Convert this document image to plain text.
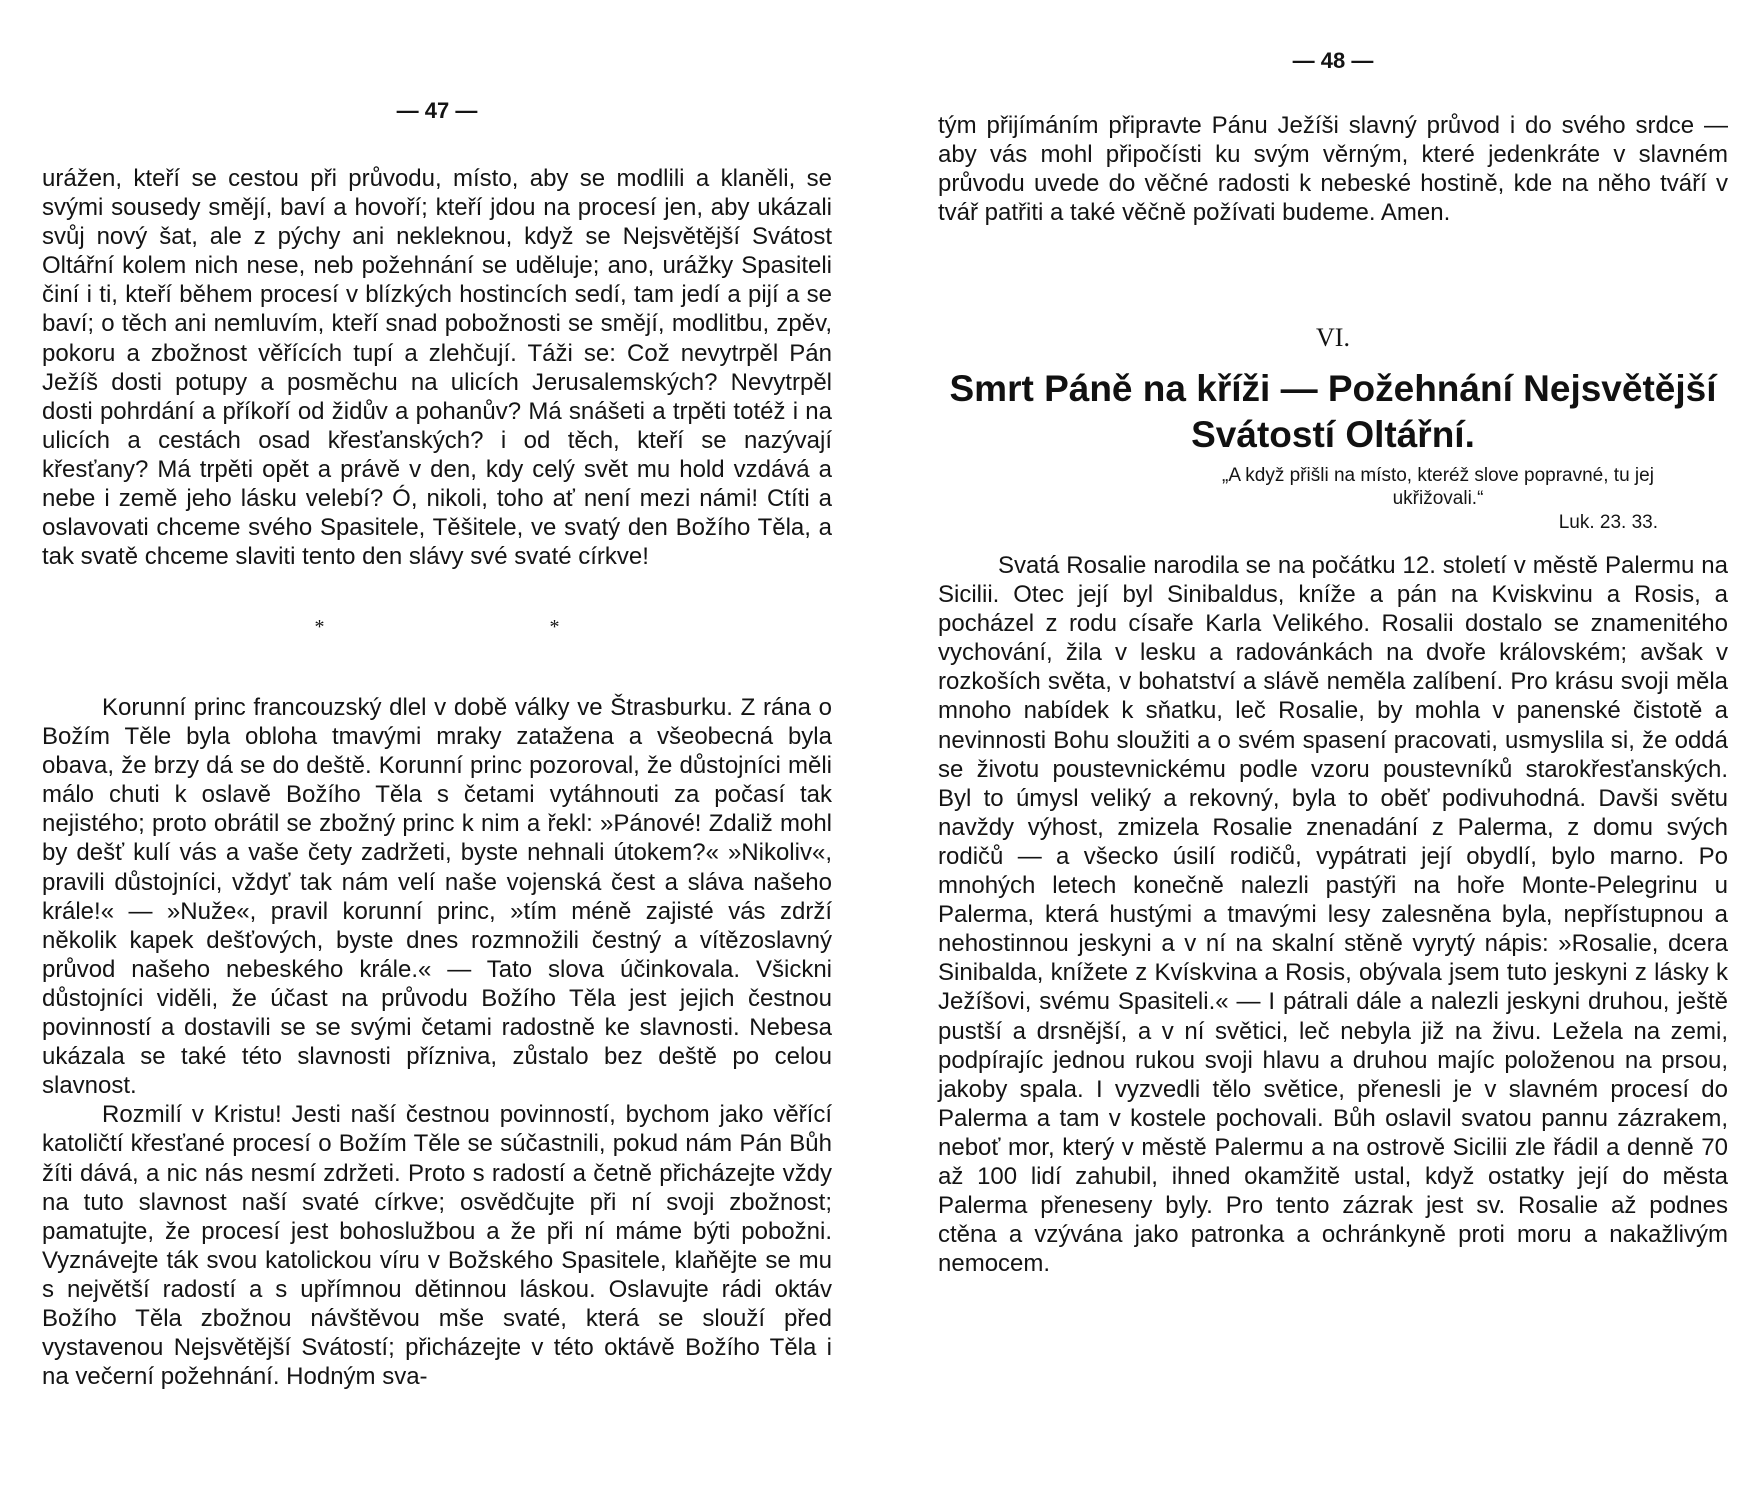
— 47 —

urážen, kteří se cestou při průvodu, místo, aby se modlili a klaněli, se svými sousedy smějí, baví a hovoří; kteří jdou na procesí jen, aby ukázali svůj nový šat, ale z pýchy ani nekleknou, když se Nejsvětější Svátost Oltářní kolem nich nese, neb požehnání se uděluje; ano, urážky Spasiteli činí i ti, kteří během procesí v blízkých hostincích sedí, tam jedí a pijí a se baví; o těch ani nemluvím, kteří snad pobožnosti se smějí, modlitbu, zpěv, pokoru a zbožnost věřících tupí a zlehčují. Táži se: Což nevytrpěl Pán Ježíš dosti potupy a posměchu na ulicích Jerusalemských? Nevytrpěl dosti pohrdání a příkoří od židův a pohanův? Má snášeti a trpěti totéž i na ulicích a cestách osad křesťanských? i od těch, kteří se nazývají křesťany? Má trpěti opět a právě v den, kdy celý svět mu hold vzdává a nebe i země jeho lásku velebí? Ó, nikoli, toho ať není mezi námi! Ctíti a oslavovati chceme svého Spasitele, Těšitele, ve svatý den Božího Těla, a tak svatě chceme slaviti tento den slávy své svaté církve!

* *

Korunní princ francouzský dlel v době války ve Štrasburku. Z rána o Božím Těle byla obloha tmavými mraky zatažena a všeobecná byla obava, že brzy dá se do deště. Korunní princ pozoroval, že důstojníci měli málo chuti k oslavě Božího Těla s četami vytáhnouti za počasí tak nejistého; proto obrátil se zbožný princ k nim a řekl: »Pánové! Zdaliž mohl by dešť kulí vás a vaše čety zadržeti, byste nehnali útokem?« »Nikoliv«, pravili důstojníci, vždyť tak nám velí naše vojenská čest a sláva našeho krále!« — »Nuže«, pravil korunní princ, »tím méně zajisté vás zdrží několik kapek dešťových, byste dnes rozmnožili čestný a vítězoslavný průvod našeho nebeského krále.« — Tato slova účinkovala. Všickni důstojníci viděli, že účast na průvodu Božího Těla jest jejich čestnou povinností a dostavili se se svými četami radostně ke slavnosti. Nebesa ukázala se také této slavnosti příznivа, zůstalo bez deště po celou slavnost.

Rozmilí v Kristu! Jesti naší čestnou povinností, bychom jako věřící katoličtí křesťané procesí o Božím Těle se súčastnili, pokud nám Pán Bůh žíti dává, a nic nás nesmí zdržeti. Proto s radostí a četně přicházejte vždy na tuto slavnost naší svaté církve; osvědčujte při ní svoji zbožnost; pamatujte, že procesí jest bohoslužbou a že při ní máme býti pobožni. Vyznávejte ták svou katolickou víru v Božského Spasitele, klaňějte se mu s největší radostí a s upřímnou dětinnou láskou. Oslavujte rádi oktáv Božího Těla zbožnou návštěvou mše svaté, která se slouží před vystavenou Nejsvětější Svátostí; přicházejte v této oktávě Božího Těla i na večerní požehnání. Hodným sva-

— 48 —

tým přijímáním připravte Pánu Ježíši slavný průvod i do svého srdce — aby vás mohl připočísti ku svým věrným, které jedenkráte v slavném průvodu uvede do věčné radosti k nebeské hostině, kde na něho tváří v tvář patřiti a také věčně požívati budeme. Amen.

VI.
Smrt Páně na kříži — Požehnání Nejsvětější
Svátostí Oltářní.
„A když přišli na místo, kteréž slove popravné, tu jej ukřižovali.“
Luk. 23. 33.

Svatá Rosalie narodila se na počátku 12. století v městě Palermu na Sicilii. Otec její byl Sinibaldus, kníže a pán na Kviskvinu a Rosis, a pocházel z rodu císaře Karla Velikého. Rosalii dostalo se znamenitého vychování, žila v lesku a radovánkách na dvoře královském; avšak v rozkoších světa, v bohatství a slávě neměla zalíbení. Pro krásu svoji měla mnoho nabídek k sňatku, leč Rosalie, by mohla v panenské čistotě a nevinnosti Bohu sloužiti a o svém spasení pracovati, usmyslila si, že oddá se životu poustevnickému podle vzoru poustevníků starokřesťanských. Byl to úmysl veliký a rekovný, byla to oběť podivuhodná. Davši světu navždy výhost, zmizela Rosalie znenadání z Palerma, z domu svých rodičů — a všecko úsilí rodičů, vypátrati její obydlí, bylo marno. Po mnohých letech konečně nalezli pastýři na hoře Monte-Pelegrinu u Palerma, která hustými a tmavými lesy zalesněna byla, nepřístupnou a nehostinnou jeskyni a v ní na skalní stěně vyrytý nápis: »Rosalie, dcera Sinibalda, knížete z Kvískvina a Rosis, obývala jsem tuto jeskyni z lásky k Ježíšovi, svému Spasiteli.« — I pátrali dále a nalezli jeskyni druhou, ještě pustší a drsnější, a v ní světici, leč nebyla již na živu. Ležela na zemi, podpírajíc jednou rukou svoji hlavu a druhou majíc položenou na prsou, jakoby spala. I vyzvedli tělo světice, přenesli je v slavném procesí do Palerma a tam v kostele pochovali. Bůh oslavil svatou pannu zázrakem, neboť mor, který v městě Palermu a na ostrově Sicilii zle řádil a denně 70 až 100 lidí zahubil, ihned okamžitě ustal, když ostatky její do města Palerma přeneseny byly. Pro tento zázrak jest sv. Rosalie až podnes ctěna a vzývána jako patronka a ochránkyně proti moru a nakažlivým nemocem.
